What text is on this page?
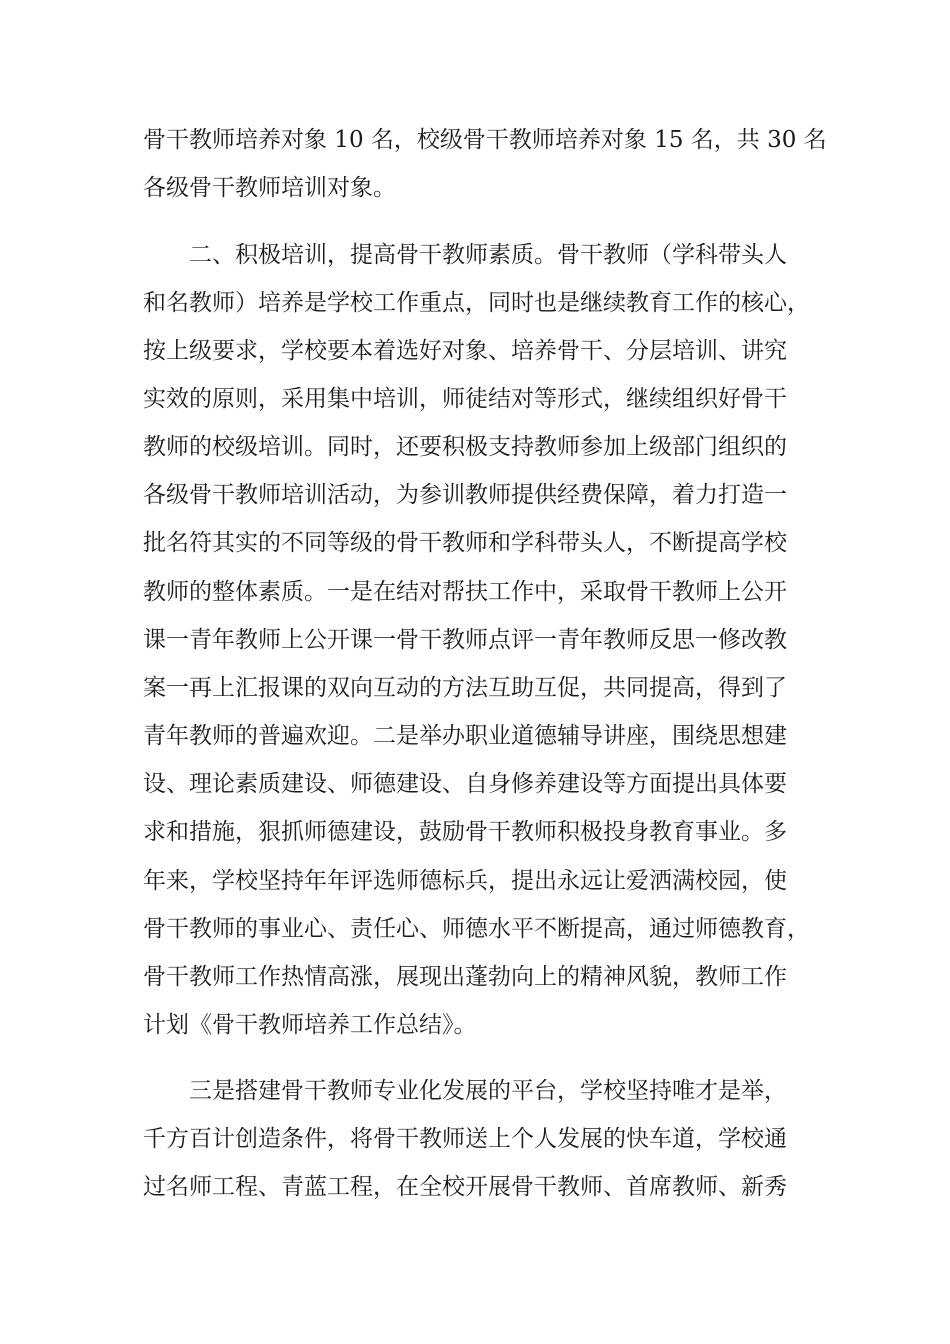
骨干教师培养对象 10 名，校级骨干教师培养对象 15 名，共 30 名
各级骨干教师培训对象。
　　二、积极培训，提高骨干教师素质。骨干教师（学科带头人
和名教师）培养是学校工作重点，同时也是继续教育工作的核心，
按上级要求，学校要本着选好对象、培养骨干、分层培训、讲究
实效的原则，采用集中培训，师徒结对等形式，继续组织好骨干
教师的校级培训。同时，还要积极支持教师参加上级部门组织的
各级骨干教师培训活动，为参训教师提供经费保障，着力打造一
批名符其实的不同等级的骨干教师和学科带头人，不断提高学校
教师的整体素质。一是在结对帮扶工作中，采取骨干教师上公开
课一青年教师上公开课一骨干教师点评一青年教师反思一修改教
案一再上汇报课的双向互动的方法互助互促，共同提高，得到了
青年教师的普遍欢迎。二是举办职业道德辅导讲座，围绕思想建
设、理论素质建设、师德建设、自身修养建设等方面提出具体要
求和措施，狠抓师德建设，鼓励骨干教师积极投身教育事业。多
年来，学校坚持年年评选师德标兵，提出永远让爱洒满校园，使
骨干教师的事业心、责任心、师德水平不断提高，通过师德教育，
骨干教师工作热情高涨，展现出蓬勃向上的精神风貌，教师工作
计划《骨干教师培养工作总结》。
　　三是搭建骨干教师专业化发展的平台，学校坚持唯才是举，
千方百计创造条件，将骨干教师送上个人发展的快车道，学校通
过名师工程、青蓝工程，在全校开展骨干教师、首席教师、新秀
